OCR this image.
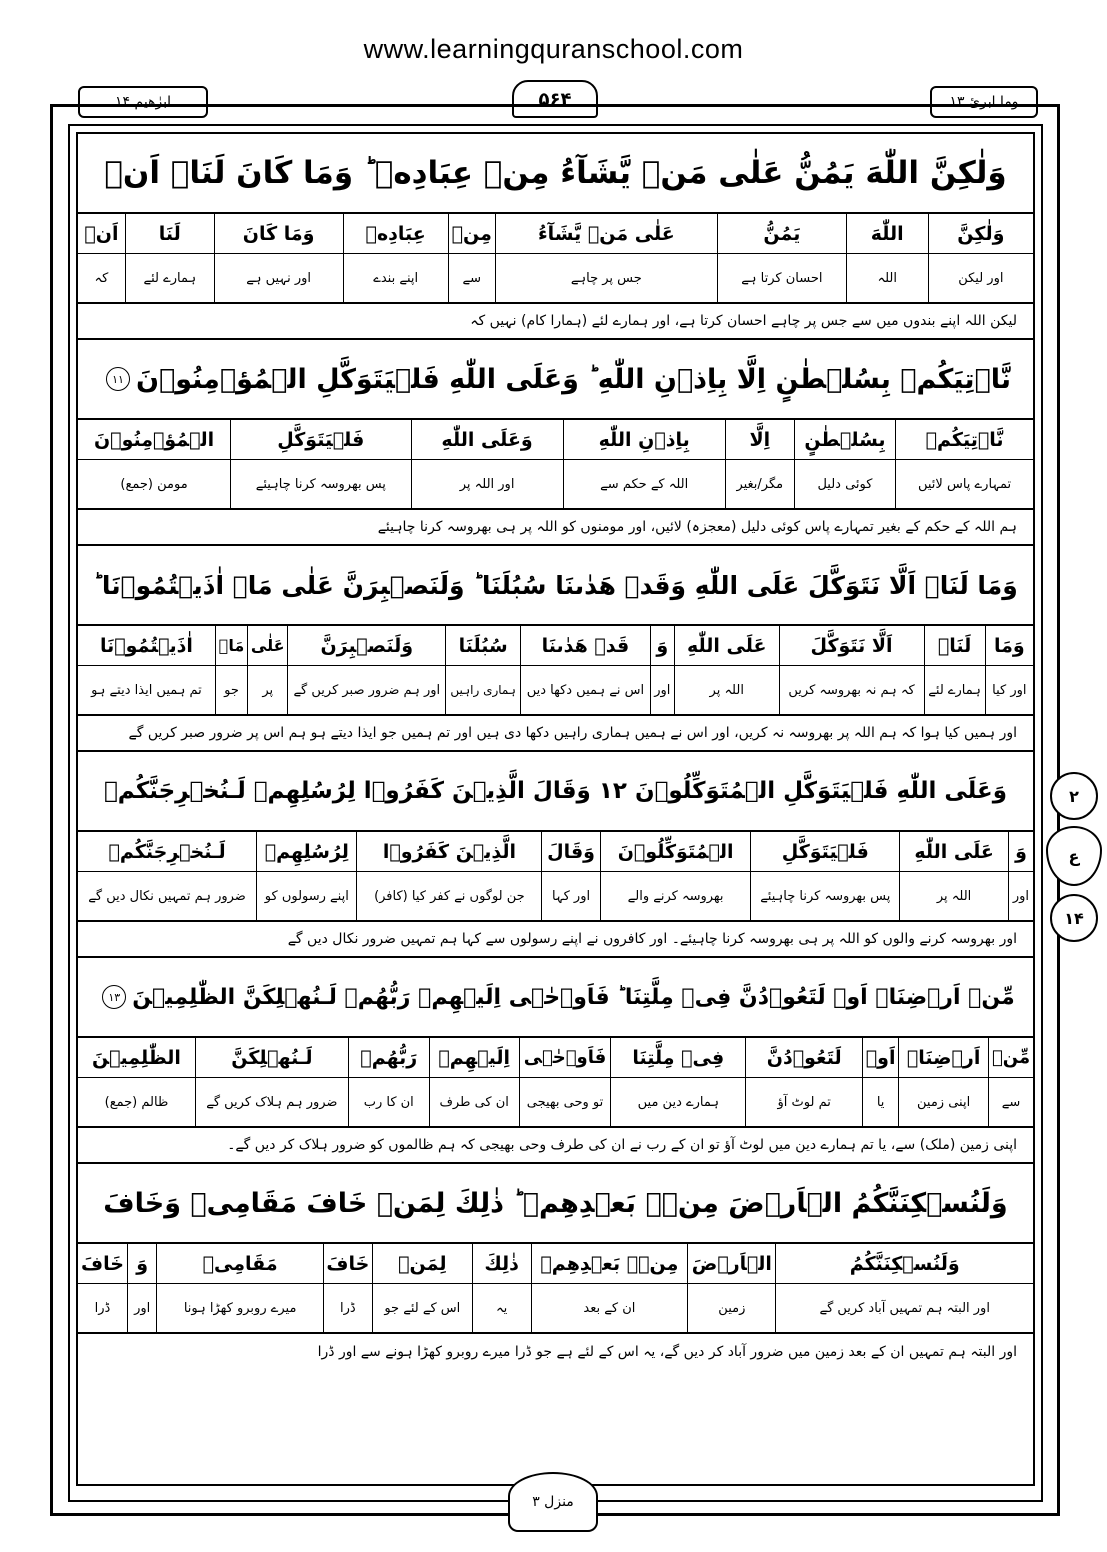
www.learningquranschool.com
ابرٰھیم ۱۴	۵۶۴	وما ابرئ ۱۳
وَلٰكِنَّ اللّٰهَ يَمُنُّ عَلٰى مَنۡ يَّشَآءُ مِنۡ عِبَادِهٖ ؕ وَمَا كَانَ لَنَاۤ اَنۡ
وَلٰكِنَّ
اللّٰهَ
يَمُنُّ
عَلٰى مَنۡ يَّشَآءُ
مِنۡ
عِبَادِهٖ
وَمَا كَانَ
لَنَا
اَنۡ
اور لیکن
اللہ
احسان کرتا ہے
جس پر چاہے
سے
اپنے بندے
اور نہیں ہے
ہمارے لئے
کہ
لیکن اللہ اپنے بندوں میں سے جس پر چاہے احسان کرتا ہے، اور ہمارے لئے (ہمارا کام) نہیں کہ
نَّاۡتِيَكُمۡ بِسُلۡطٰنٍ اِلَّا بِاِذۡنِ اللّٰهِ ؕ وَعَلَى اللّٰهِ فَلۡيَتَوَكَّلِ الۡمُؤۡمِنُوۡنَ
۱۱
نَّاۡتِيَكُمۡ
بِسُلۡطٰنٍ
اِلَّا
بِاِذۡنِ اللّٰهِ
وَعَلَى اللّٰهِ
فَلۡيَتَوَكَّلِ
الۡمُؤۡمِنُوۡنَ
تمہارے پاس لائیں
کوئی دلیل
مگر/بغیر
اللہ کے حکم سے
اور اللہ پر
پس بھروسہ کرنا چاہیئے
مومن (جمع)
ہم اللہ کے حکم کے بغیر تمہارے پاس کوئی دلیل (معجزہ) لائیں، اور مومنوں کو اللہ پر ہی بھروسہ کرنا چاہیئے
وَمَا لَنَاۤ اَلَّا نَتَوَكَّلَ عَلَى اللّٰهِ وَقَدۡ هَدٰٮنَا سُبُلَنَا ؕ وَلَنَصۡبِرَنَّ عَلٰى مَاۤ اٰذَيۡتُمُوۡنَا ؕ
وَمَا
لَنَاۤ
اَلَّا نَتَوَكَّلَ
عَلَى اللّٰهِ
وَ
قَدۡ هَدٰٮنَا
سُبُلَنَا
وَلَنَصۡبِرَنَّ
عَلٰى
مَاۤ
اٰذَيۡتُمُوۡنَا
اور کیا
ہمارے لئے
کہ ہم نہ بھروسہ کریں
اللہ پر
اور
اس نے ہمیں دکھا دیں
ہماری راہیں
اور ہم ضرور صبر کریں گے
پر
جو
تم ہمیں ایذا دیتے ہو
اور ہمیں کیا ہوا کہ ہم اللہ پر بھروسہ نہ کریں، اور اس نے ہمیں ہماری راہیں دکھا دی ہیں اور تم ہمیں جو ایذا دیتے ہو ہم اس پر ضرور صبر کریں گے
وَعَلَى اللّٰهِ فَلۡيَتَوَكَّلِ الۡمُتَوَكِّلُوۡنَ ۱۲ وَقَالَ الَّذِيۡنَ كَفَرُوۡا لِرُسُلِهِمۡ لَـنُخۡرِجَنَّكُمۡ
وَ
عَلَى اللّٰهِ
فَلۡيَتَوَكَّلِ
الۡمُتَوَكِّلُوۡنَ
وَقَالَ
الَّذِيۡنَ كَفَرُوۡا
لِرُسُلِهِمۡ
لَـنُخۡرِجَنَّكُمۡ
اور
اللہ پر
پس بھروسہ کرنا چاہیئے
بھروسہ کرنے والے
اور کہا
جن لوگوں نے کفر کیا (کافر)
اپنے رسولوں کو
ضرور ہم تمہیں نکال دیں گے
اور بھروسہ کرنے والوں کو اللہ پر ہی بھروسہ کرنا چاہیئے۔ اور کافروں نے اپنے رسولوں سے کہا ہم تمہیں ضرور نکال دیں گے
مِّنۡ اَرۡضِنَاۤ اَوۡ لَتَعُوۡدُنَّ فِىۡ مِلَّتِنَا ؕ فَاَوۡحٰۤى اِلَيۡهِمۡ رَبُّهُمۡ لَـنُهۡلِكَنَّ الظّٰلِمِيۡنَ
۱۳
مِّنۡ
اَرۡضِنَاۤ
اَوۡ
لَتَعُوۡدُنَّ
فِىۡ مِلَّتِنَا
فَاَوۡحٰۤى
اِلَيۡهِمۡ
رَبُّهُمۡ
لَـنُهۡلِكَنَّ
الظّٰلِمِيۡنَ
سے
اپنی زمین
یا
تم لوٹ آؤ
ہمارے دین میں
تو وحی بھیجی
ان کی طرف
ان کا رب
ضرور ہم ہلاک کریں گے
ظالم (جمع)
اپنی زمین (ملک) سے، یا تم ہمارے دین میں لوٹ آؤ تو ان کے رب نے ان کی طرف وحی بھیجی کہ ہم ظالموں کو ضرور ہلاک کر دیں گے۔
وَلَنُسۡكِنَنَّكُمُ الۡاَرۡضَ مِنۡۢ بَعۡدِهِمۡ ؕ ذٰلِكَ لِمَنۡ خَافَ مَقَامِىۡ وَخَافَ
وَلَنُسۡكِنَنَّكُمُ
الۡاَرۡضَ
مِنۡۢ بَعۡدِهِمۡ
ذٰلِكَ
لِمَنۡ
خَافَ
مَقَامِىۡ
وَ
خَافَ
اور البتہ ہم تمہیں آباد کریں گے
زمین
ان کے بعد
یہ
اس کے لئے جو
ڈرا
میرے روبرو کھڑا ہونا
اور
ڈرا
اور البتہ ہم تمہیں ان کے بعد زمین میں ضرور آباد کر دیں گے، یہ اس کے لئے ہے جو ڈرا میرے روبرو کھڑا ہونے سے اور ڈرا
۲
ع
۱۴
منزل ۳
